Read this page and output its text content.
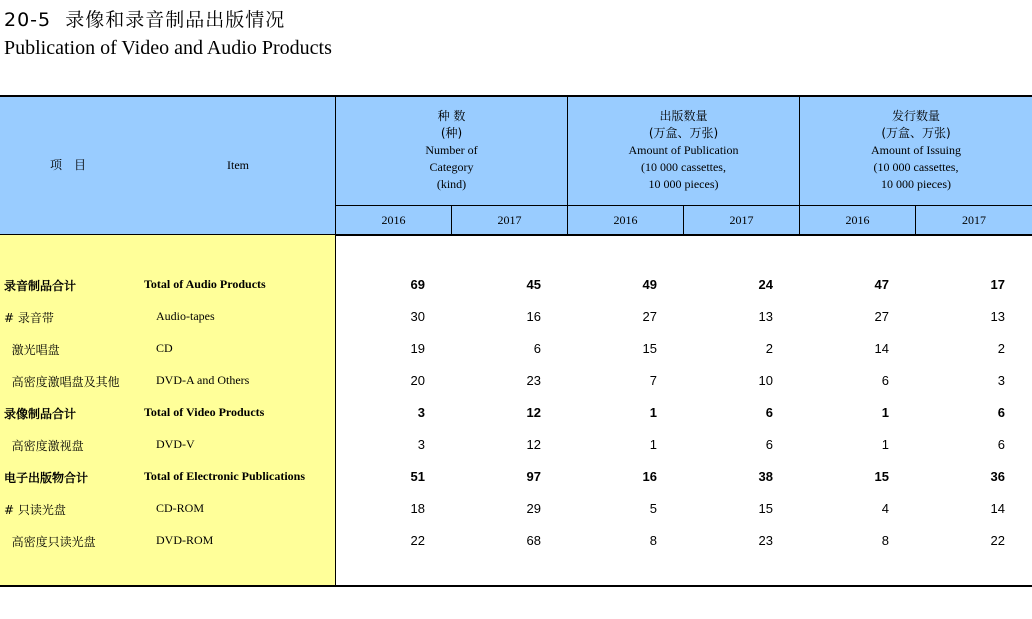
20-5  录像和录音制品出版情况
Publication of Video and Audio Products
项　目	Item
种 数
(种)
Number of
Category
(kind)
出版数量
(万盒、万张)
Amount of Publication
(10 000 cassettes,
10 000 pieces)
发行数量
(万盒、万张)
Amount of Issuing
(10 000 cassettes,
10 000 pieces)
2016	2017	2016	2017	2016	2017
录音制品合计	Total of Audio Products	69	45	49	24	47	17
# 录音带	Audio-tapes	30	16	27	13	27	13
激光唱盘	CD	19	6	15	2	14	2
高密度激唱盘及其他	DVD-A and Others	20	23	7	10	6	3
录像制品合计	Total of Video Products	3	12	1	6	1	6
高密度激视盘	DVD-V	3	12	1	6	1	6
电子出版物合计	Total of Electronic Publications	51	97	16	38	15	36
# 只读光盘	CD-ROM	18	29	5	15	4	14
高密度只读光盘	DVD-ROM	22	68	8	23	8	22
